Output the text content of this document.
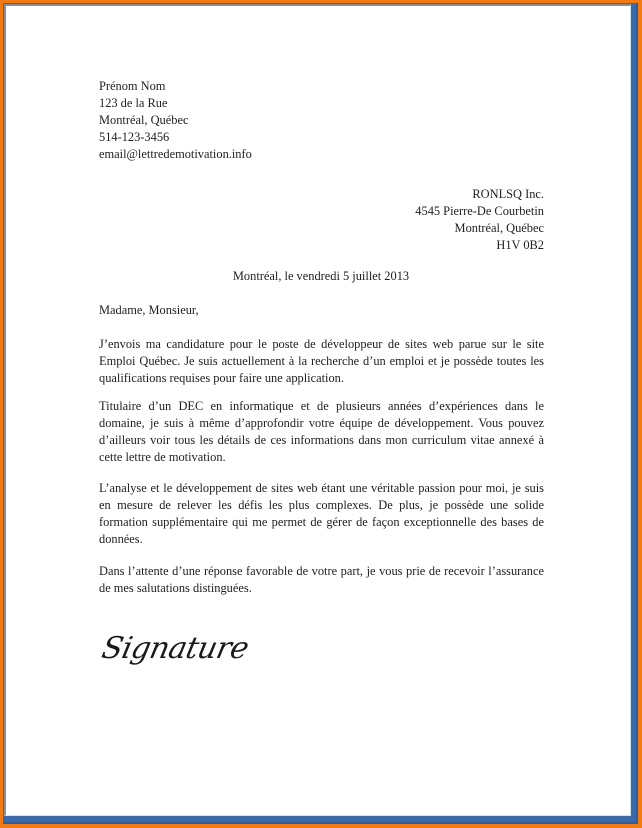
Prénom Nom
123 de la Rue
Montréal, Québec
514-123-3456
email@lettredemotivation.info
RONLSQ Inc.
4545 Pierre-De Courbetin
Montréal, Québec
H1V 0B2
Montréal, le vendredi 5 juillet 2013
Madame, Monsieur,
J’envois ma candidature pour le poste de développeur de sites web parue sur le site Emploi Québec. Je suis actuellement à la recherche d’un emploi et je possède toutes les qualifications requises pour faire une application.
Titulaire d’un DEC en informatique et de plusieurs années d’expériences dans le domaine, je suis à même d’approfondir votre équipe de développement. Vous pouvez d’ailleurs voir tous les détails de ces informations dans mon curriculum vitae annexé à cette lettre de motivation.
L’analyse et le développement de sites web étant une véritable passion pour moi, je suis en mesure de relever les défis les plus complexes. De plus, je possède une solide formation supplémentaire qui me permet de gérer de façon exceptionnelle des bases de données.
Dans l’attente d’une réponse favorable de votre part, je vous prie de recevoir l’assurance de mes salutations distinguées.
Signature
